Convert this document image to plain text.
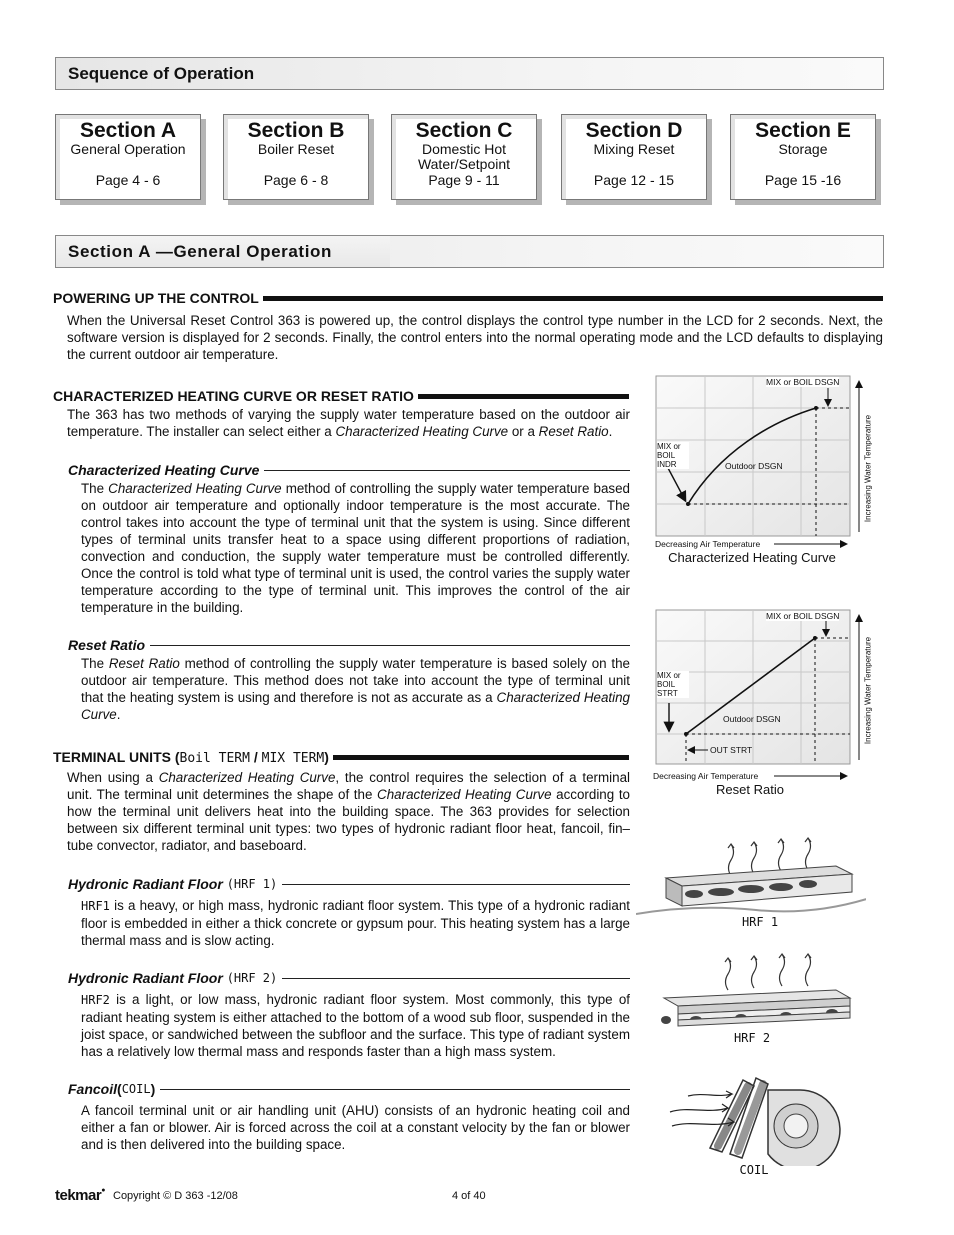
Sequence of Operation
Section A
General Operation
Page 4 - 6
Section B
Boiler Reset
Page 6 - 8
Section C
Domestic Hot
Water/Setpoint
Page 9 - 11
Section D
Mixing Reset
Page 12 - 15
Section E
Storage
Page 15 -16
Section A —General Operation
POWERING UP THE CONTROL
When the Universal Reset Control 363 is powered up, the control displays the control type number in the LCD for 2 seconds. Next, the software version is displayed for 2 seconds. Finally, the control enters into the normal operating mode and the LCD defaults to displaying the current outdoor air temperature.
CHARACTERIZED HEATING CURVE OR RESET RATIO
The 363 has two methods of varying the supply water temperature based on the outdoor air temperature. The installer can select either a Characterized Heating Curve or a Reset Ratio.
Characterized Heating Curve
The Characterized Heating Curve method of controlling the supply water temperature based on outdoor air temperature and optionally indoor temperature is the most accurate. The control takes into account the type of terminal unit that the system is using. Since different types of terminal units transfer heat to a space using different proportions of radiation, convection and conduction, the supply water temperature must be controlled differently. Once the control is told what type of terminal unit is used, the control varies the supply water temperature according to the type of terminal unit. This improves the control of the air temperature in the building.
Reset Ratio
The Reset Ratio method of controlling the supply water temperature is based solely on the outdoor air temperature. This method does not take into account the type of terminal unit that the heating system is using and therefore is not as accurate as a Characterized Heating Curve.
TERMINAL UNITS (Boil TERM / MIX TERM)
When using a Characterized Heating Curve, the control requires the selection of a terminal unit. The terminal unit determines the shape of the Characterized Heating Curve according to how the terminal unit delivers heat into the building space. The 363 provides for selection between six different terminal unit types: two types of hydronic radiant floor heat, fancoil, fin–tube convector, radiator, and baseboard.
Hydronic Radiant Floor
(HRF 1)
HRF1 is a heavy, or high mass, hydronic radiant floor system. This type of a hydronic radiant floor is embedded in either a thick concrete or gypsum pour. This heating system has a large thermal mass and is slow acting.
Hydronic Radiant Floor
(HRF 2)
HRF2 is a light, or low mass, hydronic radiant floor system. Most commonly, this type of radiant heating system is either attached to the bottom of a wood sub floor, suspended in the joist space, or sandwiched between the subfloor and the surface. This type of radiant system has a relatively low thermal mass and responds faster than a high mass system.
Fancoil ( COIL )
A fancoil terminal unit or air handling unit (AHU) consists of an hydronic heating coil and either a fan or blower. Air is forced across the coil at a constant velocity by the fan or blower and is then delivered into the building space.
MIX or BOIL DSGN
MIX or
BOIL
INDR	Outdoor DSGN
Decreasing Air Temperature
Increasing Water Temperature
Characterized Heating Curve
MIX or BOIL DSGN
MIX or
BOIL
STRT
Outdoor DSGN
OUT STRT
Decreasing Air Temperature
Increasing Water Temperature
Reset Ratio
HRF 1
HRF 2
COIL
tekmar● Copyright © D 363 -12/08	4 of 40
